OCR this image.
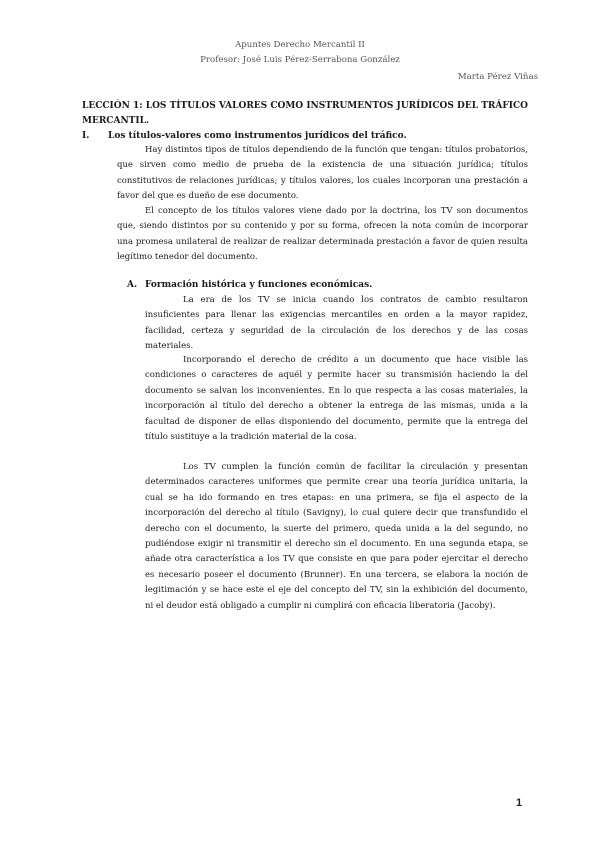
Apuntes Derecho Mercantil II
Profesor: José Luis Pérez-Serrabona González
Marta Pérez Viñas
LECCIÓN 1: LOS TÍTULOS VALORES COMO INSTRUMENTOS JURÍDICOS DEL TRÁFICO MERCANTIL.
I. Los títulos-valores como instrumentos jurídicos del tráfico.

Hay distintos tipos de títulos dependiendo de la función que tengan: títulos probatorios, que sirven como medio de prueba de la existencia de una situación jurídica; títulos constitutivos de relaciones jurídicas; y títulos valores, los cuales incorporan una prestación a favor del que es dueño de ese documento.

El concepto de los títulos valores viene dado por la doctrina, los TV son documentos que, siendo distintos por su contenido y por su forma, ofrecen la nota común de incorporar una promesa unilateral de realizar de realizar determinada prestación a favor de quien resulta legítimo tenedor del documento.

A. Formación histórica y funciones económicas.

La era de los TV se inicia cuando los contratos de cambio resultaron insuficientes para llenar las exigencias mercantiles en orden a la mayor rapidez, facilidad, certeza y seguridad de la circulación de los derechos y de las cosas materiales.

Incorporando el derecho de crédito a un documento que hace visible las condiciones o caracteres de aquél y permite hacer su transmisión haciendo la del documento se salvan los inconvenientes. En lo que respecta a las cosas materiales, la incorporación al título del derecho a obtener la entrega de las mismas, unida a la facultad de disponer de ellas disponiendo del documento, permite que la entrega del título sustituye a la tradición material de la cosa.

Los TV cumplen la función común de facilitar la circulación y presentan determinados caracteres uniformes que permite crear una teoría jurídica unitaria, la cual se ha ido formando en tres etapas: en una primera, se fija el aspecto de la incorporación del derecho al título (Savigny), lo cual quiere decir que transfundido el derecho con el documento, la suerte del primero, queda unida a la del segundo, no pudiéndose exigir ni transmitir el derecho sin el documento. En una segunda etapa, se añade otra característica a los TV que consiste en que para poder ejercitar el derecho es necesario poseer el documento (Brunner). En una tercera, se elabora la noción de legitimación y se hace este el eje del concepto del TV, sin la exhibición del documento, ni el deudor está obligado a cumplir ni cumplirá con eficacia liberatoria (Jacoby).

1
